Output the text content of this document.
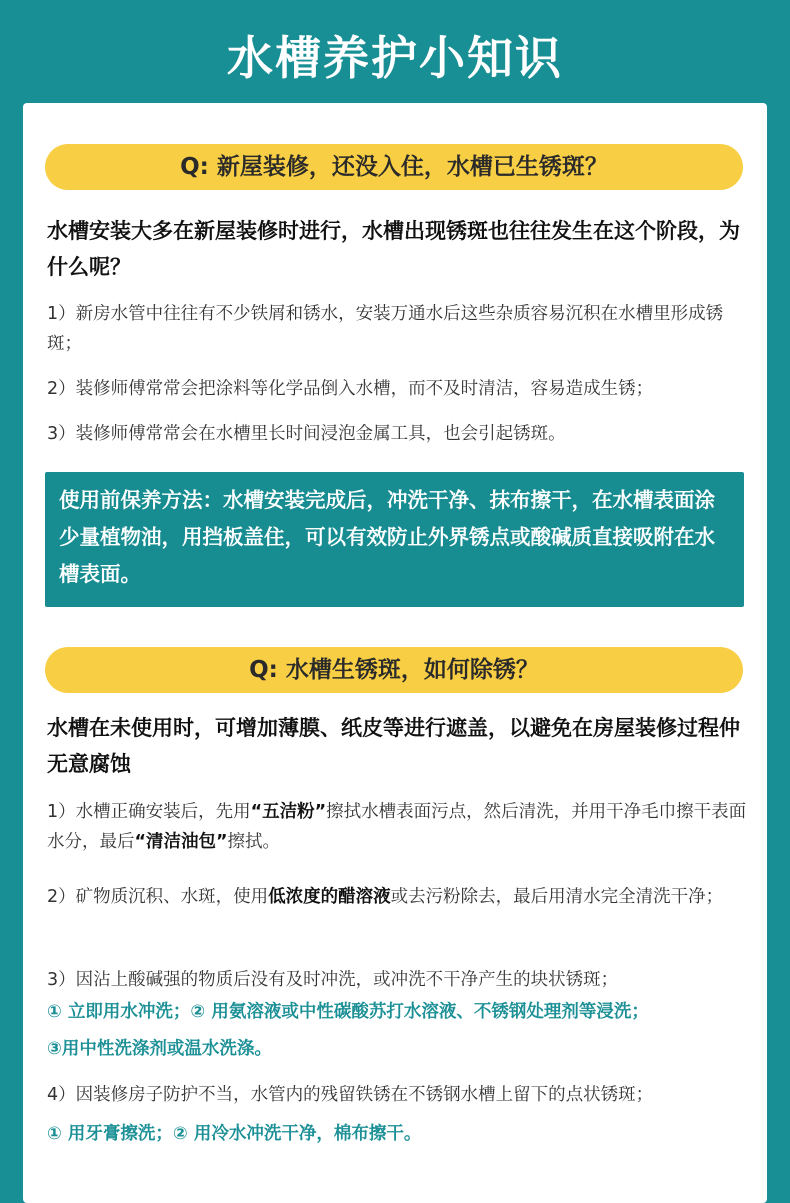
水槽养护小知识
Q: 新屋装修，还没入住，水槽已生锈斑？
水槽安装大多在新屋装修时进行，水槽出现锈斑也往往发生在这个阶段，为什么呢？
1）新房水管中往往有不少铁屑和锈水，安装万通水后这些杂质容易沉积在水槽里形成锈斑；
2）装修师傅常常会把涂料等化学品倒入水槽，而不及时清洁，容易造成生锈；
3）装修师傅常常会在水槽里长时间浸泡金属工具，也会引起锈斑。
使用前保养方法：水槽安装完成后，冲洗干净、抹布擦干，在水槽表面涂少量植物油，用挡板盖住，可以有效防止外界锈点或酸碱质直接吸附在水槽表面。
Q: 水槽生锈斑，如何除锈？
水槽在未使用时，可增加薄膜、纸皮等进行遮盖，以避免在房屋装修过程仲无意腐蚀
1）水槽正确安装后，先用“五洁粉”擦拭水槽表面污点，然后清洗，并用干净毛巾擦干表面水分，最后“清洁油包”擦拭。
2）矿物质沉积、水斑，使用低浓度的醋溶液或去污粉除去，最后用清水完全清洗干净；
3）因沾上酸碱强的物质后没有及时冲洗，或冲洗不干净产生的块状锈斑；
① 立即用水冲洗；② 用氨溶液或中性碳酸苏打水溶液、不锈钢处理剂等浸洗；
③用中性洗涤剂或温水洗涤。
4）因装修房子防护不当，水管内的残留铁锈在不锈钢水槽上留下的点状锈斑；
① 用牙膏擦洗；② 用冷水冲洗干净，棉布擦干。
